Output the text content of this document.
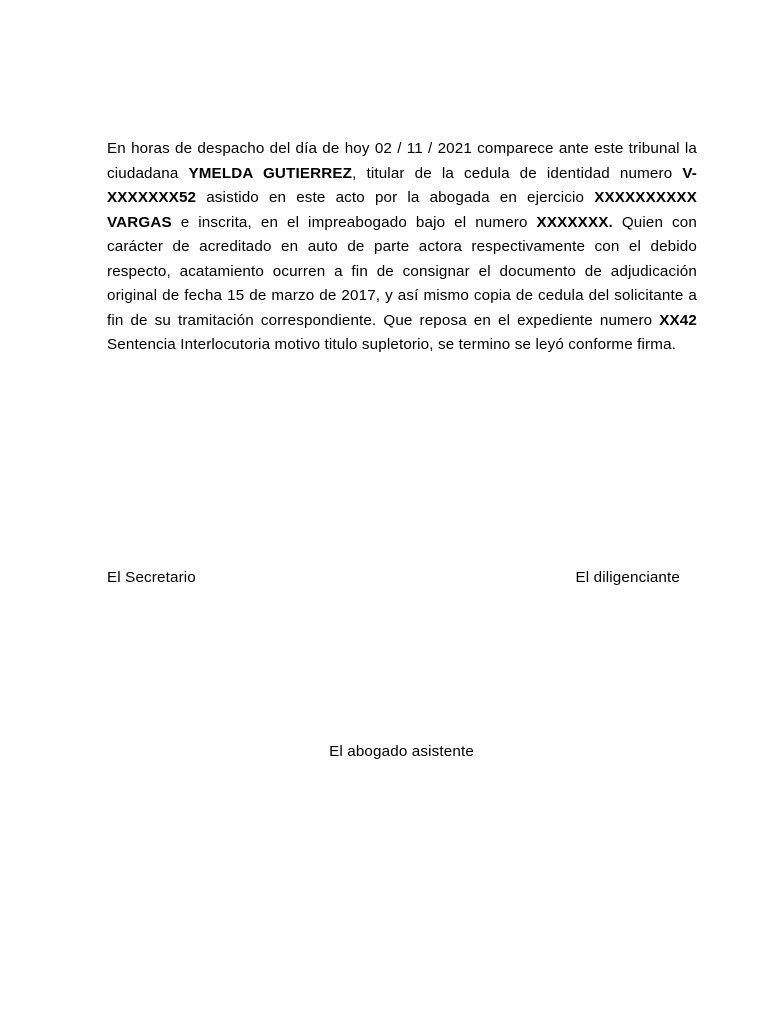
En horas de despacho del día de hoy 02 / 11 / 2021 comparece ante este tribunal la ciudadana YMELDA GUTIERREZ, titular de la cedula de identidad numero V-XXXXXXX52 asistido en este acto por la abogada en ejercicio XXXXXXXXXX VARGAS e inscrita, en el impreabogado bajo el numero XXXXXXX. Quien con carácter de acreditado en auto de parte actora respectivamente con el debido respecto, acatamiento ocurren a fin de consignar el documento de adjudicación original de fecha 15 de marzo de 2017, y así mismo copia de cedula del solicitante a fin de su tramitación correspondiente. Que reposa en el expediente numero XX42 Sentencia Interlocutoria motivo titulo supletorio, se termino se leyó conforme firma.

El Secretario	El diligenciante
El abogado asistente
